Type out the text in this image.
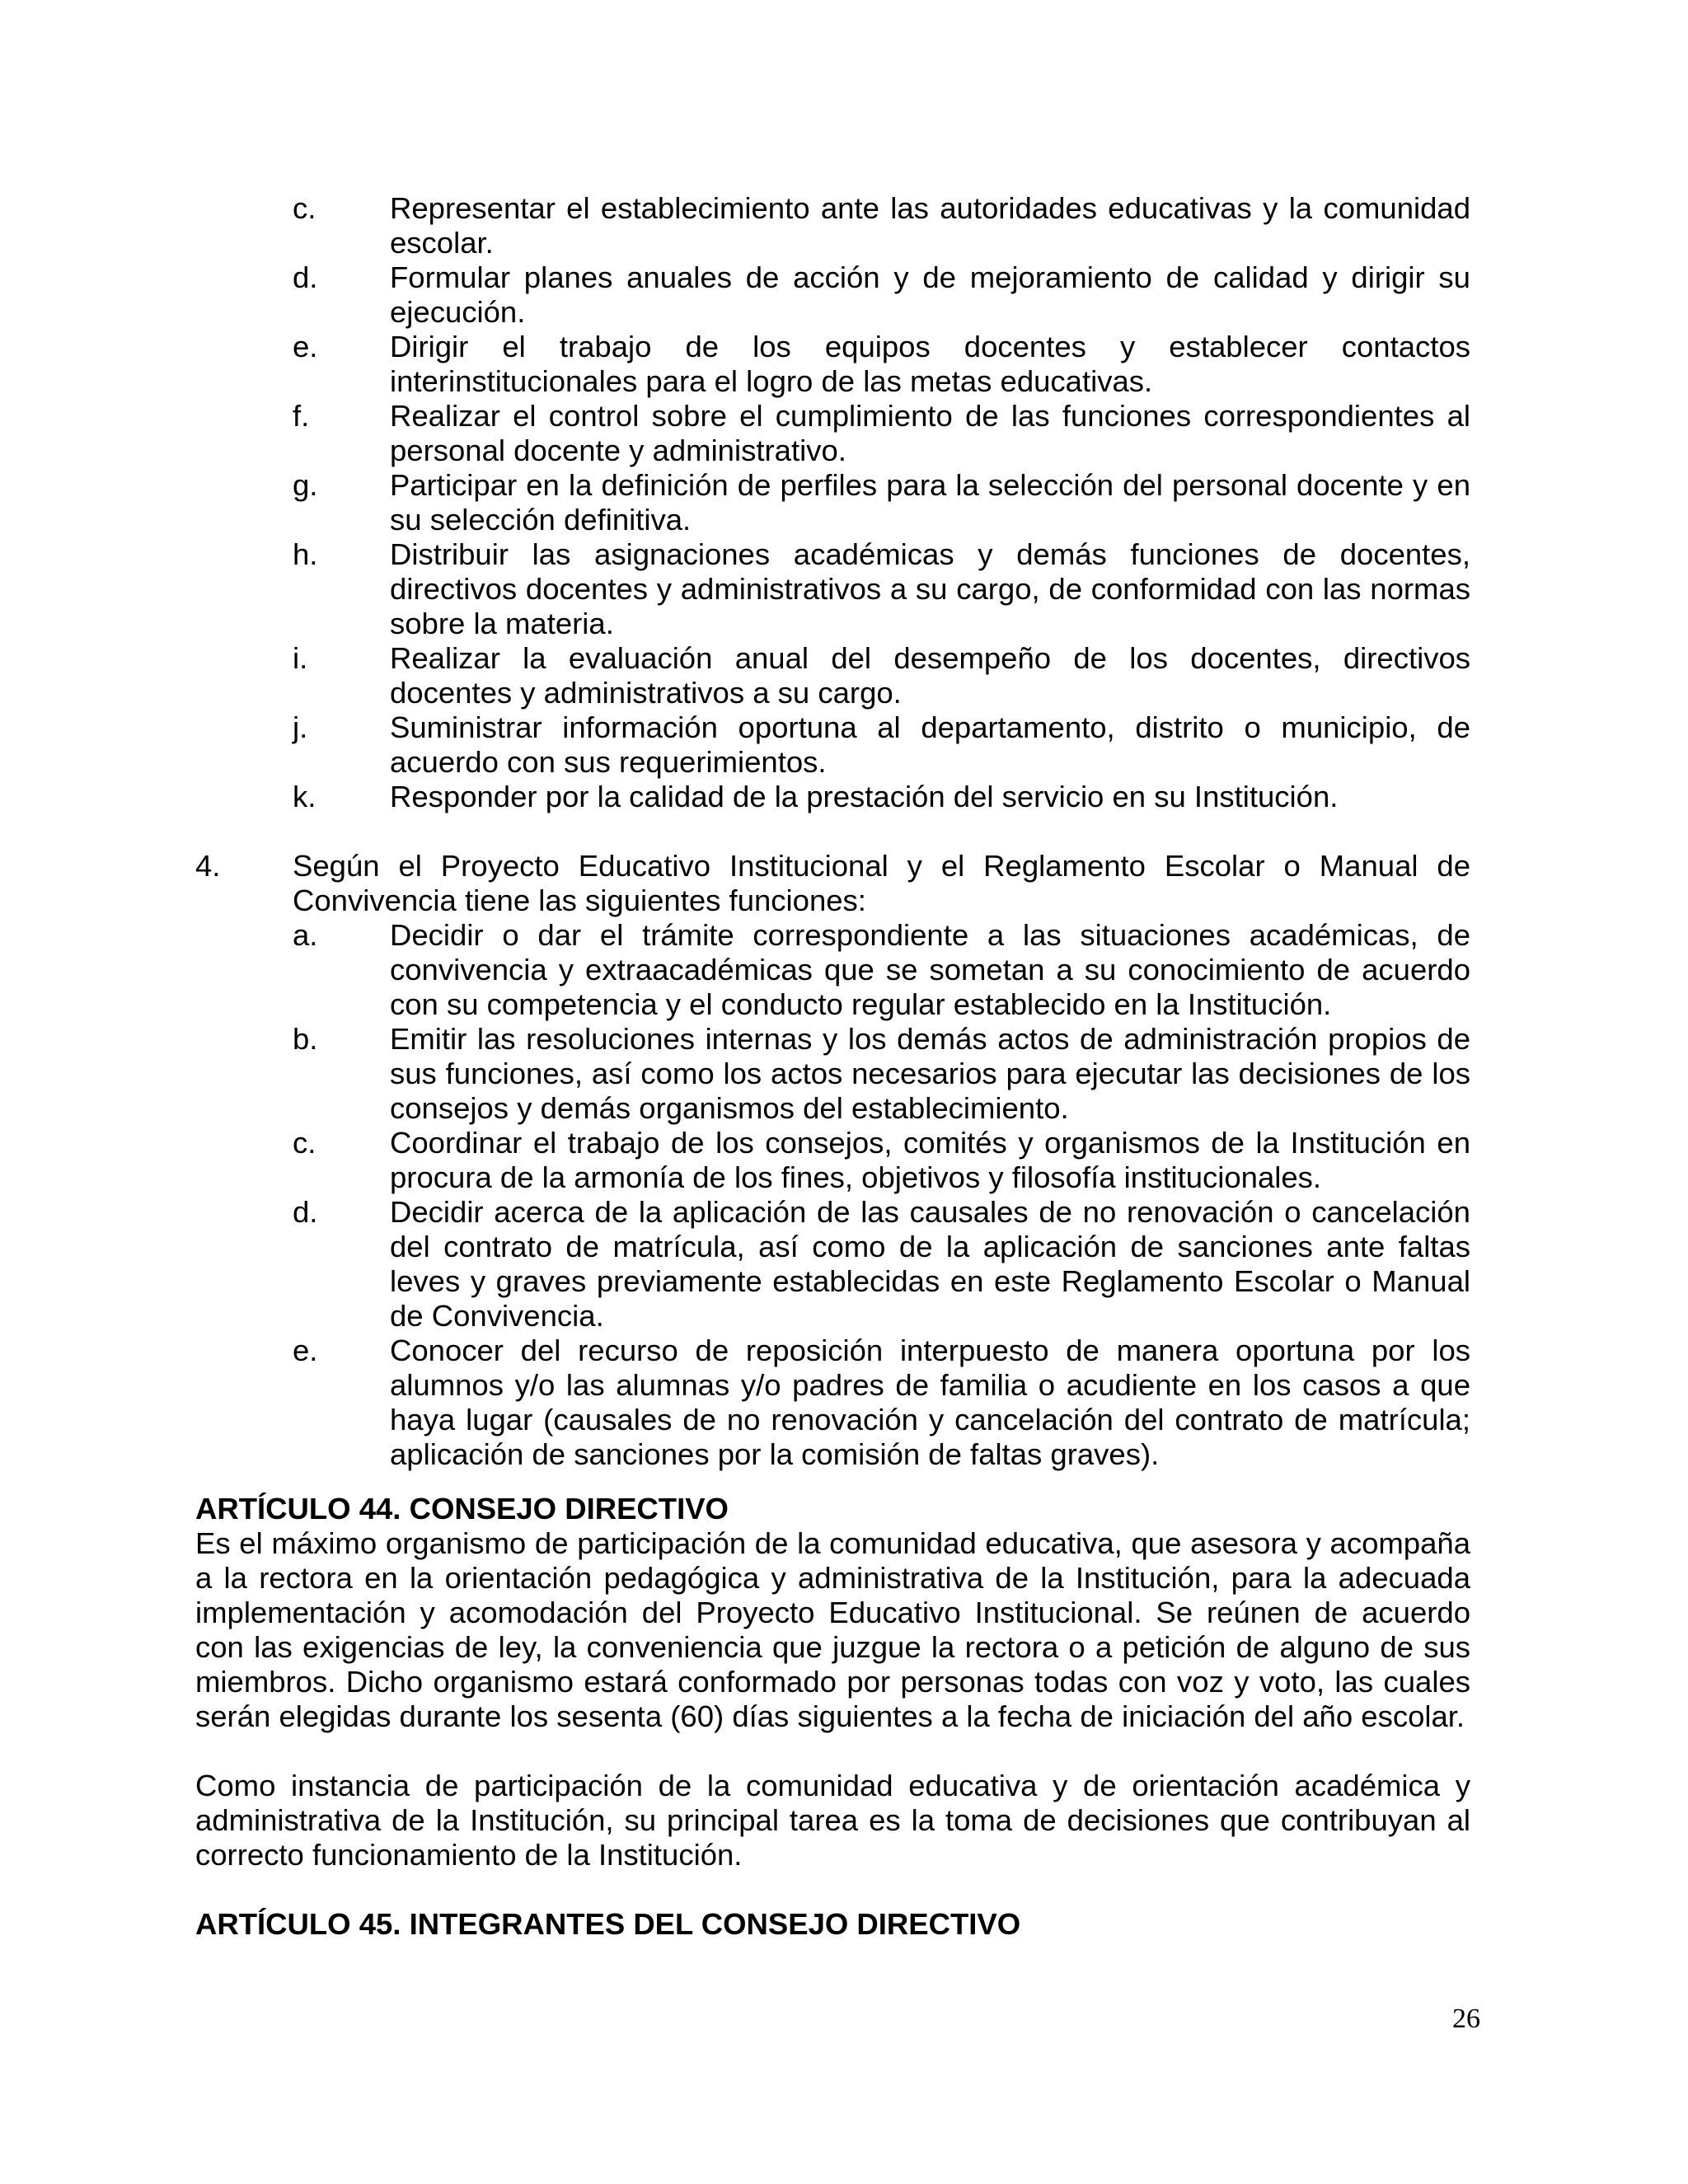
c.	Representar el establecimiento ante las autoridades educativas y la comunidad escolar.
d.	Formular planes anuales de acción y de mejoramiento de calidad y dirigir su ejecución.
e.	Dirigir el trabajo de los equipos docentes y establecer contactos interinstitucionales para el logro de las metas educativas.
f.	Realizar el control sobre el cumplimiento de las funciones correspondientes al personal docente y administrativo.
g.	Participar en la definición de perfiles para la selección del personal docente y en su selección definitiva.
h.	Distribuir las asignaciones académicas y demás funciones de docentes, directivos docentes y administrativos a su cargo, de conformidad con las normas sobre la materia.
i.	Realizar la evaluación anual del desempeño de los docentes, directivos docentes y administrativos a su cargo.
j.	Suministrar información oportuna al departamento, distrito o municipio, de acuerdo con sus requerimientos.
k.	Responder por la calidad de la prestación del servicio en su Institución.
4.	Según el Proyecto Educativo Institucional y el Reglamento Escolar o Manual de Convivencia tiene las siguientes funciones:
a.	Decidir o dar el trámite correspondiente a las situaciones académicas, de convivencia y extraacadémicas que se sometan a su conocimiento de acuerdo con su competencia y el conducto regular establecido en la Institución.
b.	Emitir las resoluciones internas y los demás actos de administración propios de sus funciones, así como los actos necesarios para ejecutar las decisiones de los consejos y demás organismos del establecimiento.
c.	Coordinar el trabajo de los consejos, comités y organismos de la Institución en procura de la armonía de los fines, objetivos y filosofía institucionales.
d.	Decidir acerca de la aplicación de las causales de no renovación o cancelación del contrato de matrícula, así como de la aplicación de sanciones ante faltas leves y graves previamente establecidas en este Reglamento Escolar o Manual de Convivencia.
e.	Conocer del recurso de reposición interpuesto de manera oportuna por los alumnos y/o las alumnas y/o padres de familia o acudiente en los casos a que haya lugar (causales de no renovación y cancelación del contrato de matrícula; aplicación de sanciones por la comisión de faltas graves).
ARTÍCULO 44. CONSEJO DIRECTIVO

Es el máximo organismo de participación de la comunidad educativa, que asesora y acompaña a la rectora en la orientación pedagógica y administrativa de la Institución, para la adecuada implementación y acomodación del Proyecto Educativo Institucional. Se reúnen de acuerdo con las exigencias de ley, la conveniencia que juzgue la rectora o a petición de alguno de sus miembros. Dicho organismo estará conformado por personas todas con voz y voto, las cuales serán elegidas durante los sesenta (60) días siguientes a la fecha de iniciación del año escolar.

Como instancia de participación de la comunidad educativa y de orientación académica y administrativa de la Institución, su principal tarea es la toma de decisiones que contribuyan al correcto funcionamiento de la Institución.

ARTÍCULO 45. INTEGRANTES DEL CONSEJO DIRECTIVO
26
